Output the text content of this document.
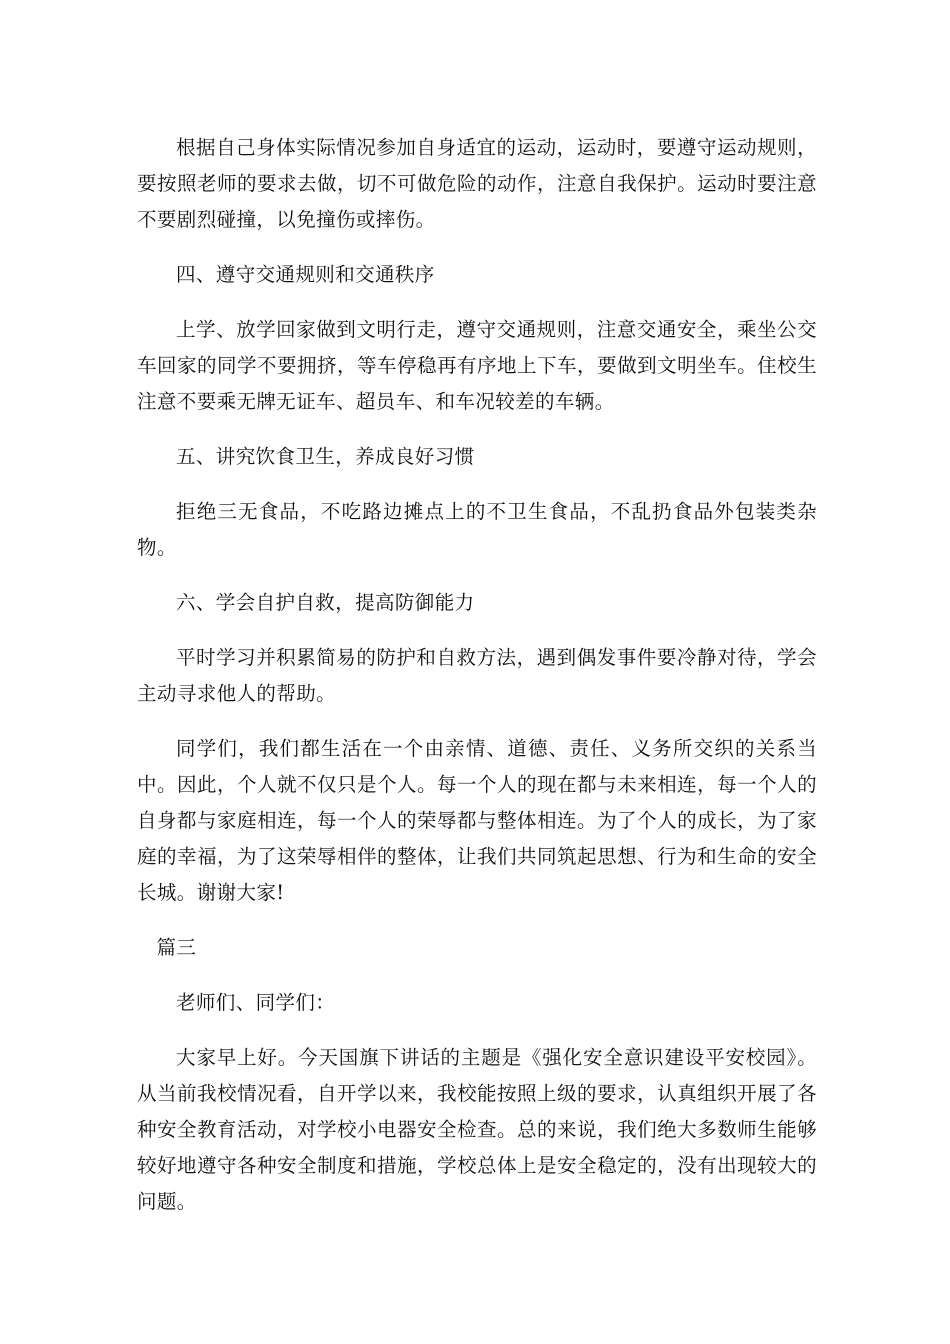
根据自己身体实际情况参加自身适宜的运动，运动时，要遵守运动规则，要按照老师的要求去做，切不可做危险的动作，注意自我保护。运动时要注意不要剧烈碰撞，以免撞伤或摔伤。

四、遵守交通规则和交通秩序

上学、放学回家做到文明行走，遵守交通规则，注意交通安全，乘坐公交车回家的同学不要拥挤，等车停稳再有序地上下车，要做到文明坐车。住校生注意不要乘无牌无证车、超员车、和车况较差的车辆。

五、讲究饮食卫生，养成良好习惯

拒绝三无食品，不吃路边摊点上的不卫生食品，不乱扔食品外包装类杂物。

六、学会自护自救，提高防御能力

平时学习并积累简易的防护和自救方法，遇到偶发事件要冷静对待，学会主动寻求他人的帮助。

同学们，我们都生活在一个由亲情、道德、责任、义务所交织的关系当中。因此，个人就不仅只是个人。每一个人的现在都与未来相连，每一个人的自身都与家庭相连，每一个人的荣辱都与整体相连。为了个人的成长，为了家庭的幸福，为了这荣辱相伴的整体，让我们共同筑起思想、行为和生命的安全长城。谢谢大家!

篇三

老师们、同学们：

大家早上好。今天国旗下讲话的主题是《强化安全意识建设平安校园》。从当前我校情况看，自开学以来，我校能按照上级的要求，认真组织开展了各种安全教育活动，对学校小电器安全检查。总的来说，我们绝大多数师生能够较好地遵守各种安全制度和措施，学校总体上是安全稳定的，没有出现较大的问题。
